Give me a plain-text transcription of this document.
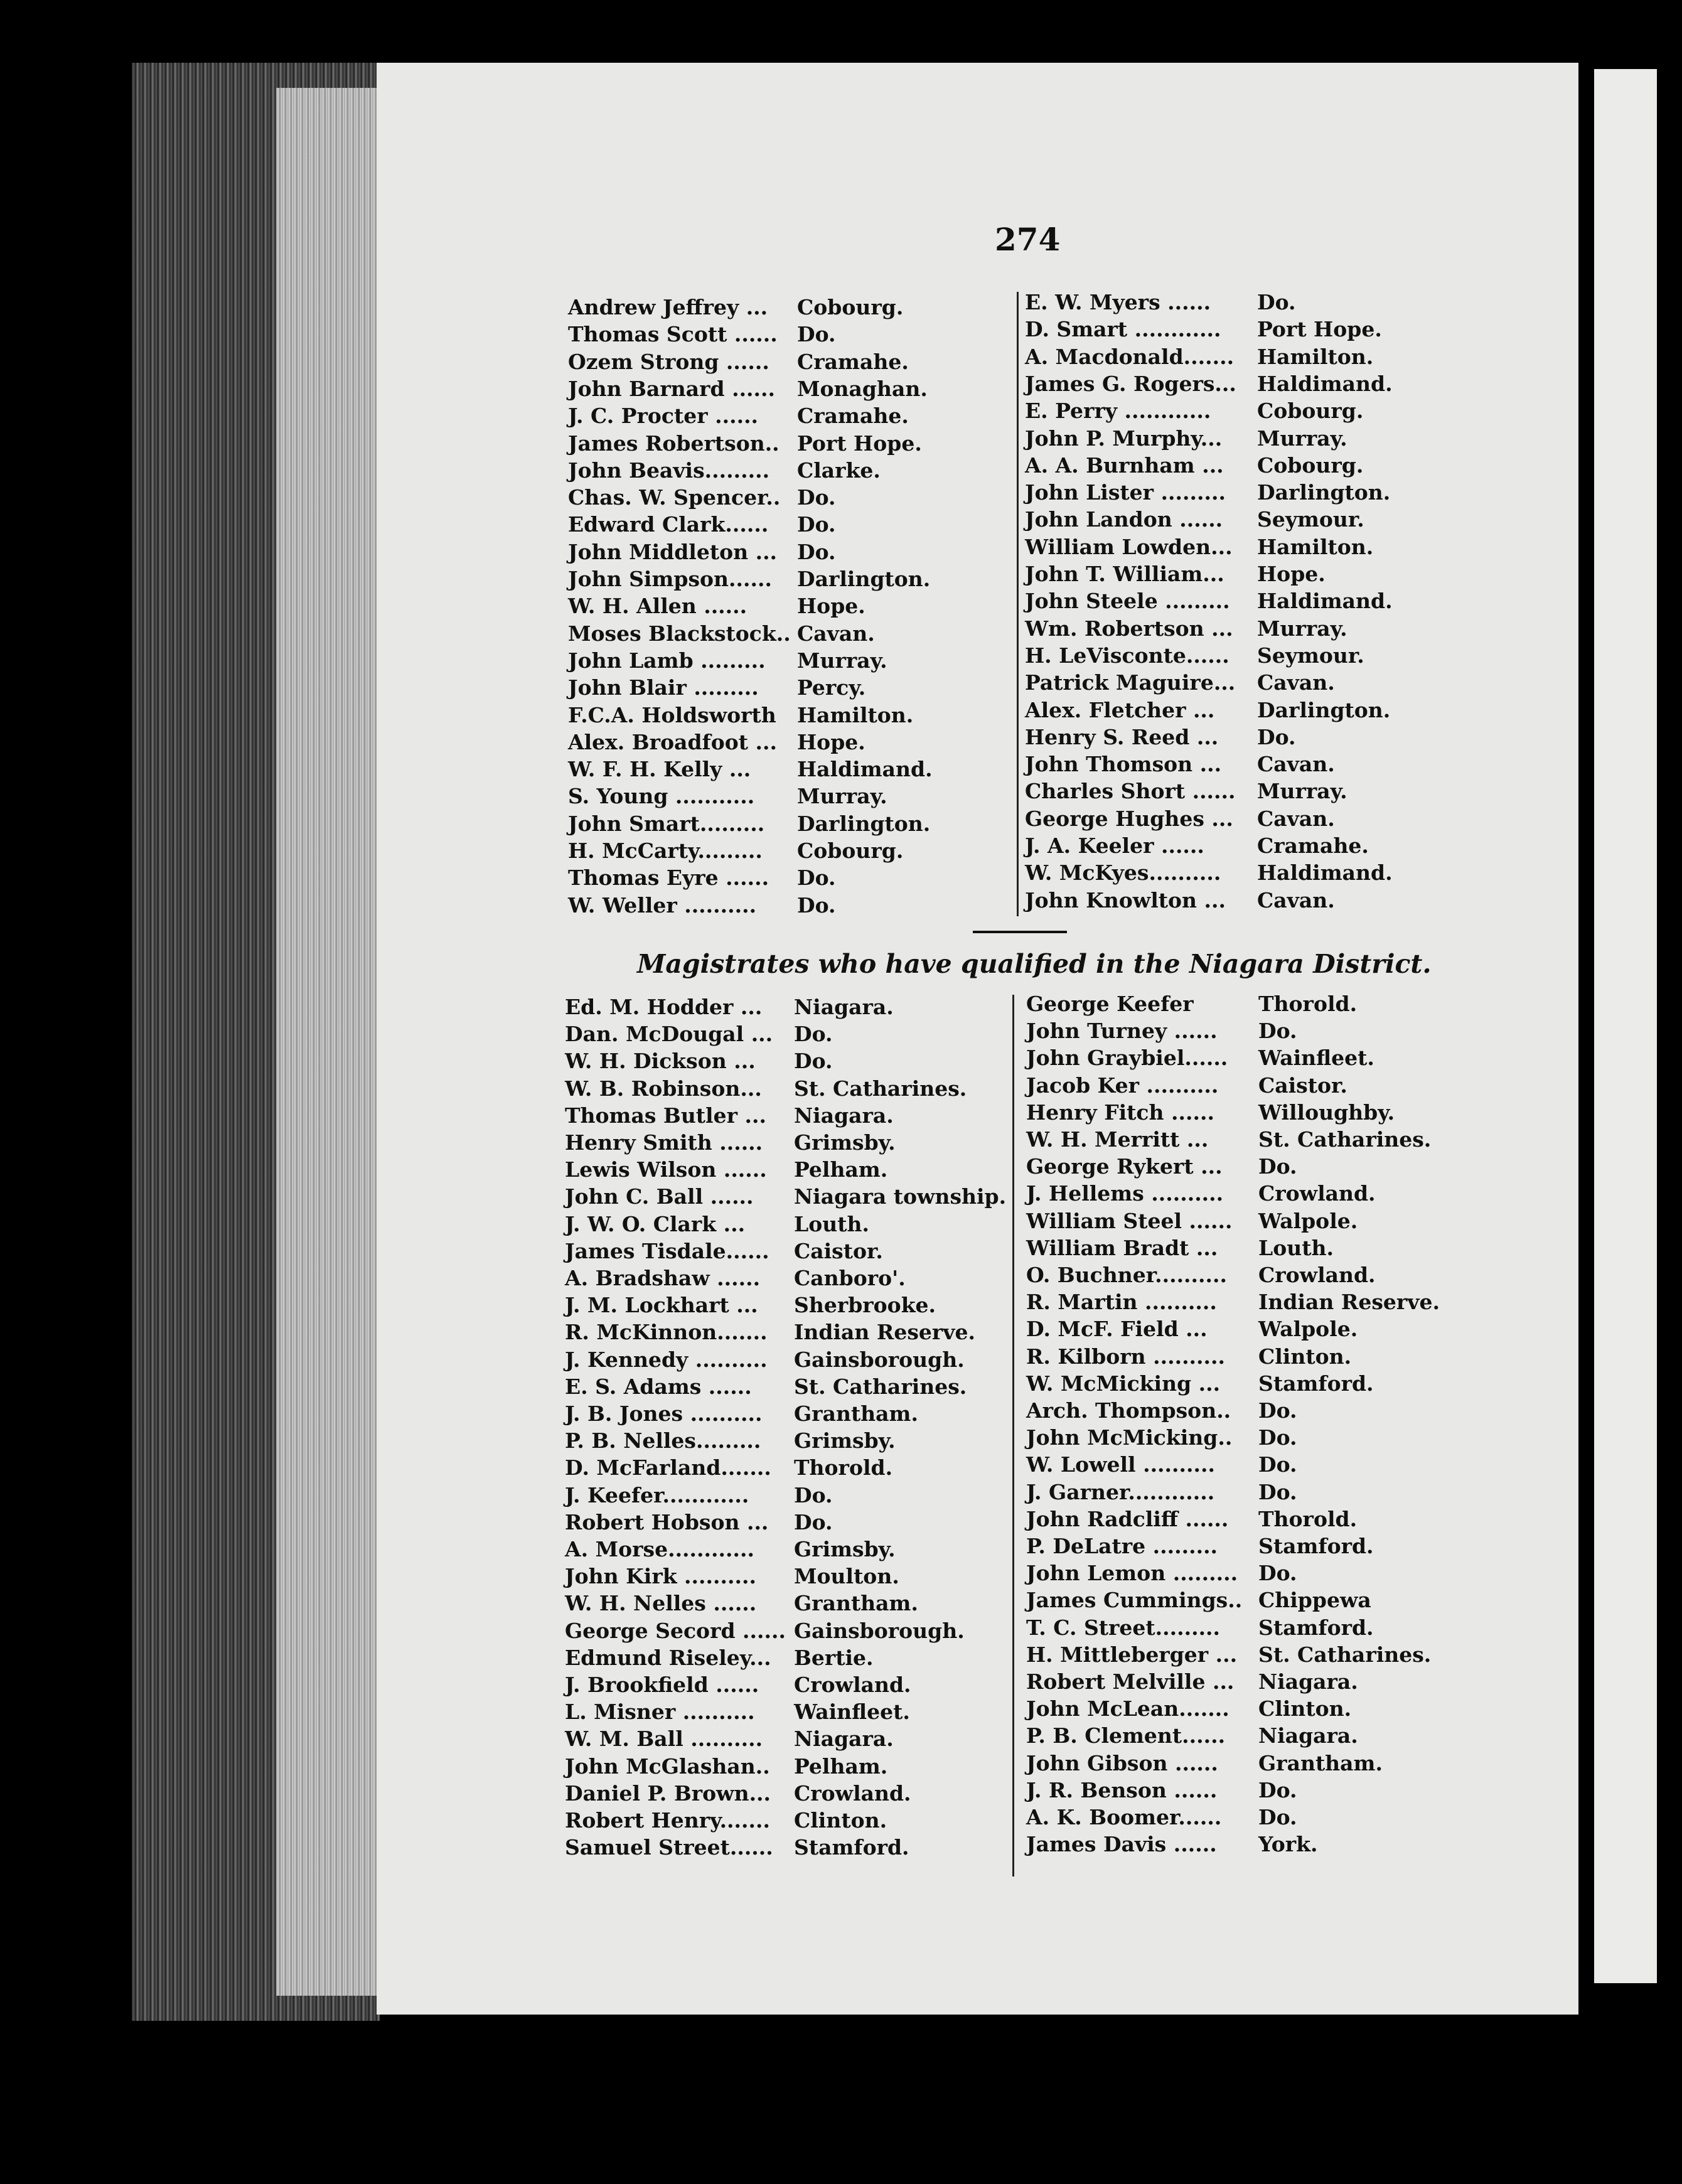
274
Andrew Jeffrey ... Cobourg.
Thomas Scott ...... Do.
Ozem Strong ...... Cramahe.
John Barnard ...... Monaghan.
J. C. Procter ...... Cramahe.
James Robertson.. Port Hope.
John Beavis......... Clarke.
Chas. W. Spencer.. Do.
Edward Clark...... Do.
John Middleton ... Do.
John Simpson...... Darlington.
W. H. Allen ...... Hope.
Moses Blackstock.. Cavan.
John Lamb ......... Murray.
John Blair ......... Percy.
F.C.A. Holdsworth Hamilton.
Alex. Broadfoot ... Hope.
W. F. H. Kelly ... Haldimand.
S. Young ........... Murray.
John Smart......... Darlington.
H. McCarty......... Cobourg.
Thomas Eyre ...... Do.
W. Weller .......... Do.
E. W. Myers ...... Do.
D. Smart ............ Port Hope.
A. Macdonald....... Hamilton.
James G. Rogers... Haldimand.
E. Perry ............ Cobourg.
John P. Murphy... Murray.
A. A. Burnham ... Cobourg.
John Lister ......... Darlington.
John Landon ...... Seymour.
William Lowden... Hamilton.
John T. William... Hope.
John Steele ......... Haldimand.
Wm. Robertson ... Murray.
H. LeVisconte...... Seymour.
Patrick Maguire... Cavan.
Alex. Fletcher ... Darlington.
Henry S. Reed ... Do.
John Thomson ... Cavan.
Charles Short ...... Murray.
George Hughes ... Cavan.
J. A. Keeler ......	Cramahe.
W. McKyes.......... Haldimand.
John Knowlton ... Cavan.
Magistrates who have qualified in the Niagara District.
Ed. M. Hodder ... Niagara.
Dan. McDougal ... Do.
W. H. Dickson ... Do.
W. B. Robinson... St. Catharines.
Thomas Butler ... Niagara.
Henry Smith ...... Grimsby.
Lewis Wilson ...... Pelham.
John C. Ball ...... Niagara township.
J. W. O. Clark ... Louth.
James Tisdale...... Caistor.
A. Bradshaw ...... Canboro'.
J. M. Lockhart ... Sherbrooke.
R. McKinnon....... Indian Reserve.
J. Kennedy .......... Gainsborough.
E. S. Adams ...... St. Catharines.
J. B. Jones .......... Grantham.
P. B. Nelles......... Grimsby.
D. McFarland....... Thorold.
J. Keefer............ Do.
Robert Hobson ... Do.
A. Morse............ Grimsby.
John Kirk .......... Moulton.
W. H. Nelles ...... Grantham.
George Secord ...... Gainsborough.
Edmund Riseley... Bertie.
J. Brookfield ...... Crowland.
L. Misner .......... Wainfleet.
W. M. Ball .......... Niagara.
John McGlashan.. Pelham.
Daniel P. Brown... Crowland.
Robert Henry....... Clinton.
Samuel Street...... Stamford.
George Keefer	Thorold.
John Turney ...... Do.
John Graybiel...... Wainfleet.
Jacob Ker .......... Caistor.
Henry Fitch ...... Willoughby.
W. H. Merritt ... St. Catharines.
George Rykert ... Do.
J. Hellems .......... Crowland.
William Steel ...... Walpole.
William Bradt ... Louth.
O. Buchner.......... Crowland.
R. Martin .......... Indian Reserve.
D. McF. Field ... Walpole.
R. Kilborn .......... Clinton.
W. McMicking ... Stamford.
Arch. Thompson.. Do.
John McMicking.. Do.
W. Lowell .......... Do.
J. Garner............ Do.
John Radcliff ...... Thorold.
P. DeLatre ......... Stamford.
John Lemon ......... Do.
James Cummings.. Chippewa
T. C. Street......... Stamford.
H. Mittleberger ... St. Catharines.
Robert Melville ... Niagara.
John McLean....... Clinton.
P. B. Clement...... Niagara.
John Gibson ...... Grantham.
J. R. Benson ...... Do.
A. K. Boomer...... Do.
James Davis ...... York.
